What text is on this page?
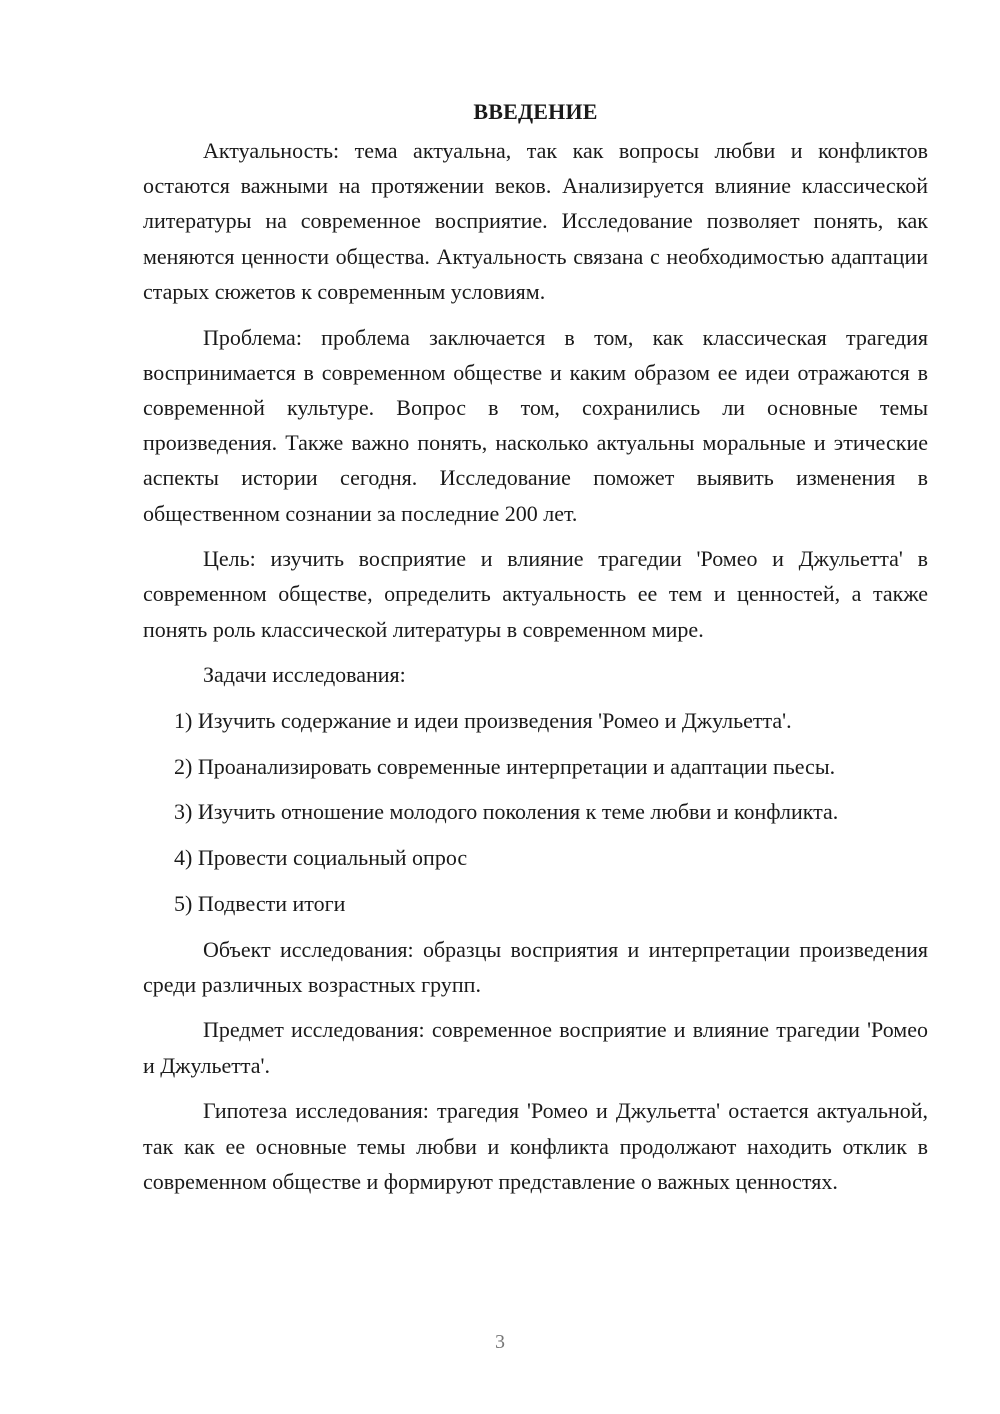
ВВЕДЕНИЕ

Актуальность: тема актуальна, так как вопросы любви и конфликтов остаются важными на протяжении веков. Анализируется влияние классической литературы на современное восприятие. Исследование позволяет понять, как меняются ценности общества. Актуальность связана с необходимостью адаптации старых сюжетов к современным условиям.

Проблема: проблема заключается в том, как классическая трагедия воспринимается в современном обществе и каким образом ее идеи отражаются в современной культуре. Вопрос в том, сохранились ли основные темы произведения. Также важно понять, насколько актуальны моральные и этические аспекты истории сегодня. Исследование поможет выявить изменения в общественном сознании за последние 200 лет.

Цель: изучить восприятие и влияние трагедии 'Ромео и Джульетта' в современном обществе, определить актуальность ее тем и ценностей, а также понять роль классической литературы в современном мире.

Задачи исследования:

1) Изучить содержание и идеи произведения 'Ромео и Джульетта'.

2) Проанализировать современные интерпретации и адаптации пьесы.

3) Изучить отношение молодого поколения к теме любви и конфликта.

4) Провести социальный опрос

5) Подвести итоги

Объект исследования: образцы восприятия и интерпретации произведения среди различных возрастных групп.

Предмет исследования: современное восприятие и влияние трагедии 'Ромео и Джульетта'.

Гипотеза исследования: трагедия 'Ромео и Джульетта' остается актуальной, так как ее основные темы любви и конфликта продолжают находить отклик в современном обществе и формируют представление о важных ценностях.

3
